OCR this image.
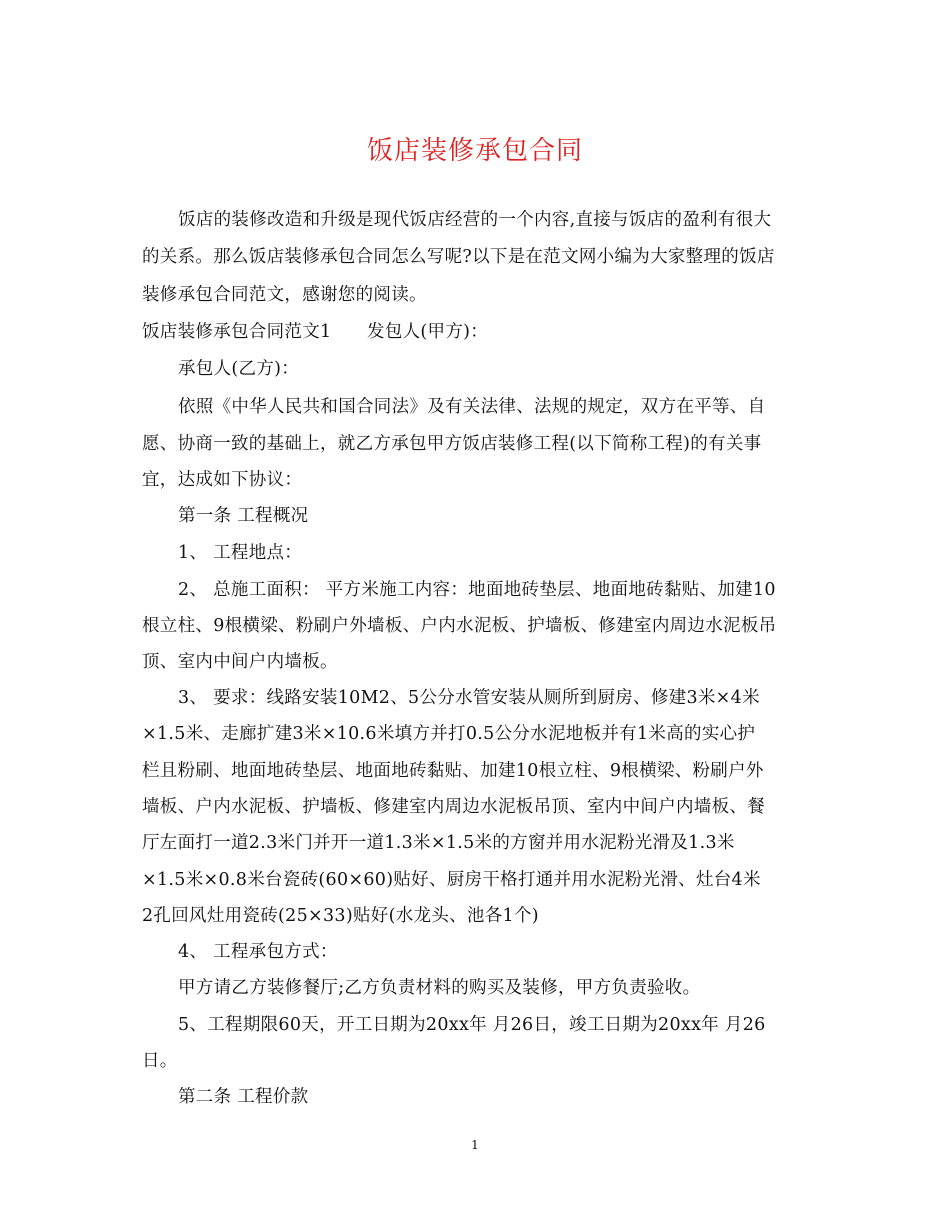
饭店装修承包合同
饭店的装修改造和升级是现代饭店经营的一个内容,直接与饭店的盈利有很大
的关系。那么饭店装修承包合同怎么写呢?以下是在范文网小编为大家整理的饭店
装修承包合同范文，感谢您的阅读。
饭店装修承包合同范文1　　发包人(甲方)：
承包人(乙方)：
依照《中华人民共和国合同法》及有关法律、法规的规定，双方在平等、自
愿、协商一致的基础上，就乙方承包甲方饭店装修工程(以下简称工程)的有关事
宜，达成如下协议：
第一条 工程概况
1、 工程地点：
2、 总施工面积： 平方米施工内容：地面地砖垫层、地面地砖黏贴、加建10
根立柱、9根横梁、粉刷户外墙板、户内水泥板、护墙板、修建室内周边水泥板吊
顶、室内中间户内墙板。
3、 要求：线路安装10M2、5公分水管安装从厕所到厨房、修建3米×4米
×1.5米、走廊扩建3米×10.6米填方并打0.5公分水泥地板并有1米高的实心护
栏且粉刷、地面地砖垫层、地面地砖黏贴、加建10根立柱、9根横梁、粉刷户外
墙板、户内水泥板、护墙板、修建室内周边水泥板吊顶、室内中间户内墙板、餐
厅左面打一道2.3米门并开一道1.3米×1.5米的方窗并用水泥粉光滑及1.3米
×1.5米×0.8米台瓷砖(60×60)贴好、厨房干格打通并用水泥粉光滑、灶台4米
2孔回风灶用瓷砖(25×33)贴好(水龙头、池各1个)
4、 工程承包方式：
甲方请乙方装修餐厅;乙方负责材料的购买及装修，甲方负责验收。
5、工程期限60天，开工日期为20xx年 月26日，竣工日期为20xx年 月26
日。
第二条 工程价款
1
